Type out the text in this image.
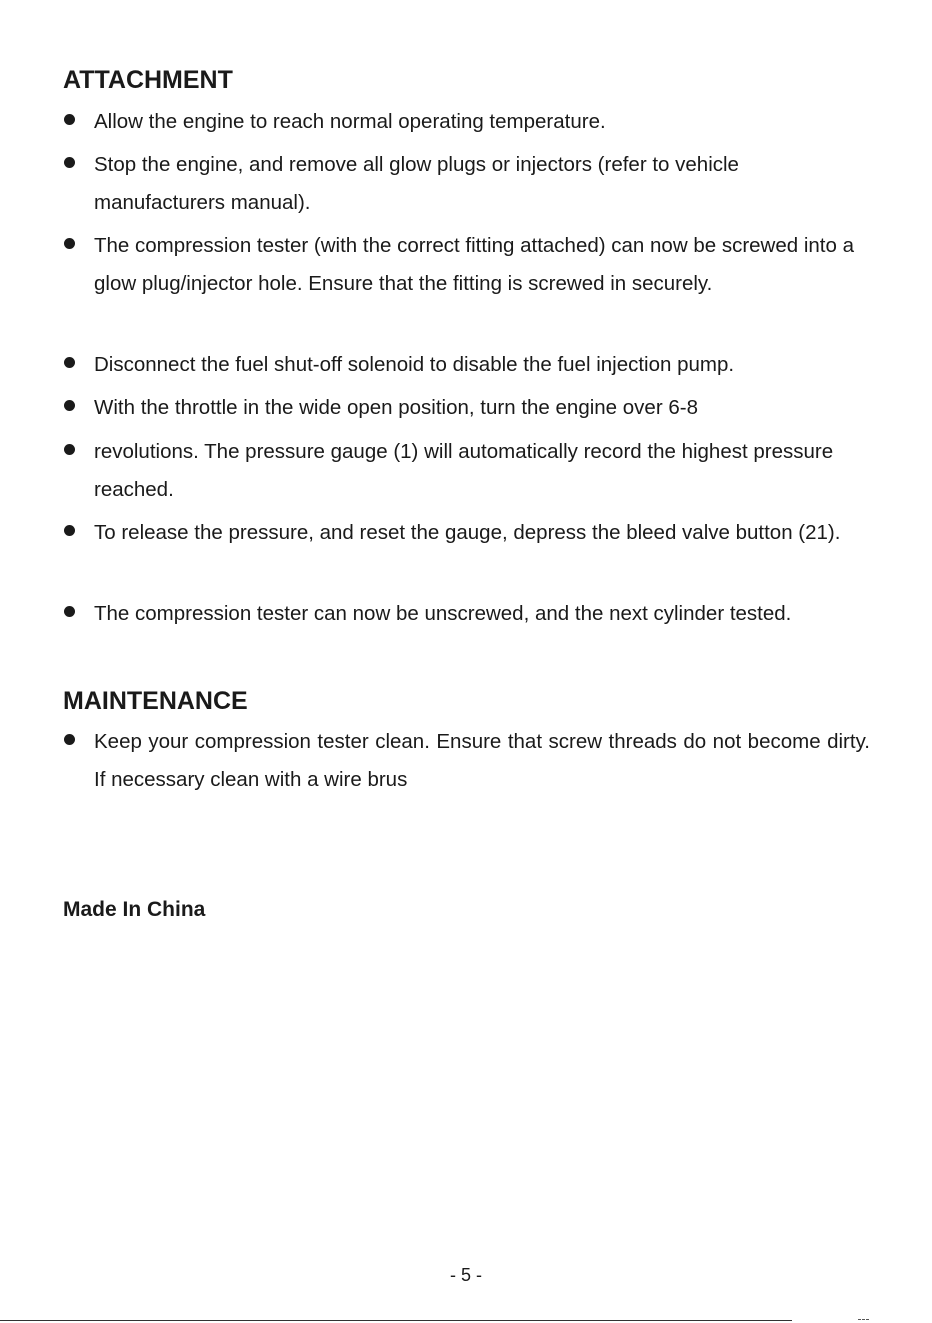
ATTACHMENT

Allow the engine to reach normal operating temperature.

Stop the engine, and remove all glow plugs or injectors (refer to vehicle manufacturers manual).

The compression tester (with the correct fitting attached) can now be screwed into a glow plug/injector hole. Ensure that the fitting is screwed in securely.

Disconnect the fuel shut-off solenoid to disable the fuel injection pump.

With the throttle in the wide open position, turn the engine over 6-8

revolutions. The pressure gauge (1) will automatically record the highest pressure reached.

To release the pressure, and reset the gauge, depress the bleed valve button (21).

The compression tester can now be unscrewed, and the next cylinder tested.

MAINTENANCE

Keep your compression tester clean. Ensure that screw threads do not become dirty. If necessary clean with a wire brus

Made In China

- 5 -
